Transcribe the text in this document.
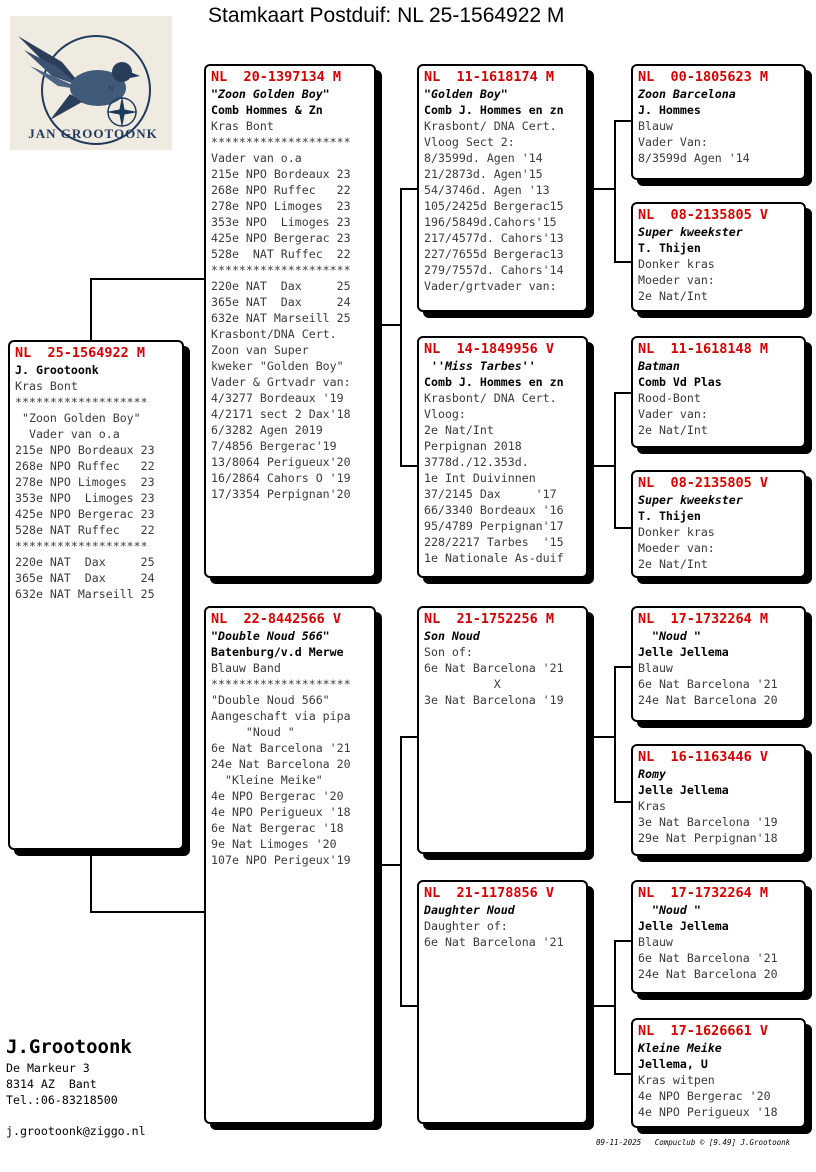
Stamkaart Postduif: NL 25-1564922 M
N
JAN GROOTOONK
NL  25-1564922 M
J. Grootoonk
Kras Bont
*******************
"Zoon Golden Boy"
Vader van o.a
215e NPO Bordeaux 23
268e NPO Ruffec   22
278e NPO Limoges  23
353e NPO  Limoges 23
425e NPO Bergerac 23
528e NAT Ruffec   22
*******************
220e NAT  Dax     25
365e NAT  Dax     24
632e NAT Marseill 25
NL  20-1397134 M
"Zoon Golden Boy"
Comb Hommes & Zn
Kras Bont
********************
Vader van o.a
215e NPO Bordeaux 23
268e NPO Ruffec   22
278e NPO Limoges  23
353e NPO  Limoges 23
425e NPO Bergerac 23
528e  NAT Ruffec  22
********************
220e NAT  Dax     25
365e NAT  Dax     24
632e NAT Marseill 25
Krasbont/DNA Cert.
Zoon van Super
kweker "Golden Boy"
Vader & Grtvadr van:
4/3277 Bordeaux '19
4/2171 sect 2 Dax'18
6/3282 Agen 2019
7/4856 Bergerac'19
13/8064 Perigueux'20
16/2864 Cahors O '19
17/3354 Perpignan'20
NL  22-8442566 V
"Double Noud 566"
Batenburg/v.d Merwe
Blauw Band
********************
"Double Noud 566"
Aangeschaft via pipa
"Noud "
6e Nat Barcelona '21
24e Nat Barcelona 20
"Kleine Meike"
4e NPO Bergerac '20
4e NPO Perigueux '18
6e Nat Bergerac '18
9e Nat Limoges '20
107e NPO Perigeux'19
NL  11-1618174 M
"Golden Boy"
Comb J. Hommes en zn
Krasbont/ DNA Cert.
Vloog Sect 2:
8/3599d. Agen '14
21/2873d. Agen'15
54/3746d. Agen '13
105/2425d Bergerac15
196/5849d.Cahors'15
217/4577d. Cahors'13
227/7655d Bergerac13
279/7557d. Cahors'14
Vader/grtvader van:
NL  14-1849956 V
''Miss Tarbes''
Comb J. Hommes en zn
Krasbont/ DNA Cert.
Vloog:
2e Nat/Int
Perpignan 2018
3778d./12.353d.
1e Int Duivinnen
37/2145 Dax     '17
66/3340 Bordeaux '16
95/4789 Perpignan'17
228/2217 Tarbes  '15
1e Nationale As-duif
NL  21-1752256 M
Son Noud
Son of:
6e Nat Barcelona '21
X
3e Nat Barcelona '19
NL  21-1178856 V
Daughter Noud
Daughter of:
6e Nat Barcelona '21
NL  00-1805623 M
Zoon Barcelona
J. Hommes
Blauw
Vader Van:
8/3599d Agen '14
NL  08-2135805 V
Super kweekster
T. Thijen
Donker kras
Moeder van:
2e Nat/Int
NL  11-1618148 M
Batman
Comb Vd Plas
Rood-Bont
Vader van:
2e Nat/Int
NL  08-2135805 V
Super kweekster
T. Thijen
Donker kras
Moeder van:
2e Nat/Int
NL  17-1732264 M
"Noud "
Jelle Jellema
Blauw
6e Nat Barcelona '21
24e Nat Barcelona 20
NL  16-1163446 V
Romy
Jelle Jellema
Kras
3e Nat Barcelona '19
29e Nat Perpignan'18
NL  17-1732264 M
"Noud "
Jelle Jellema
Blauw
6e Nat Barcelona '21
24e Nat Barcelona 20
NL  17-1626661 V
Kleine Meike
Jellema, U
Kras witpen
4e NPO Bergerac '20
4e NPO Perigueux '18
J.Grootoonk
De Markeur 3
8314 AZ  Bant
Tel.:06-83218500
j.grootoonk@ziggo.nl
09-11-2025 Compuclub © [9.49] J.Grootoonk
